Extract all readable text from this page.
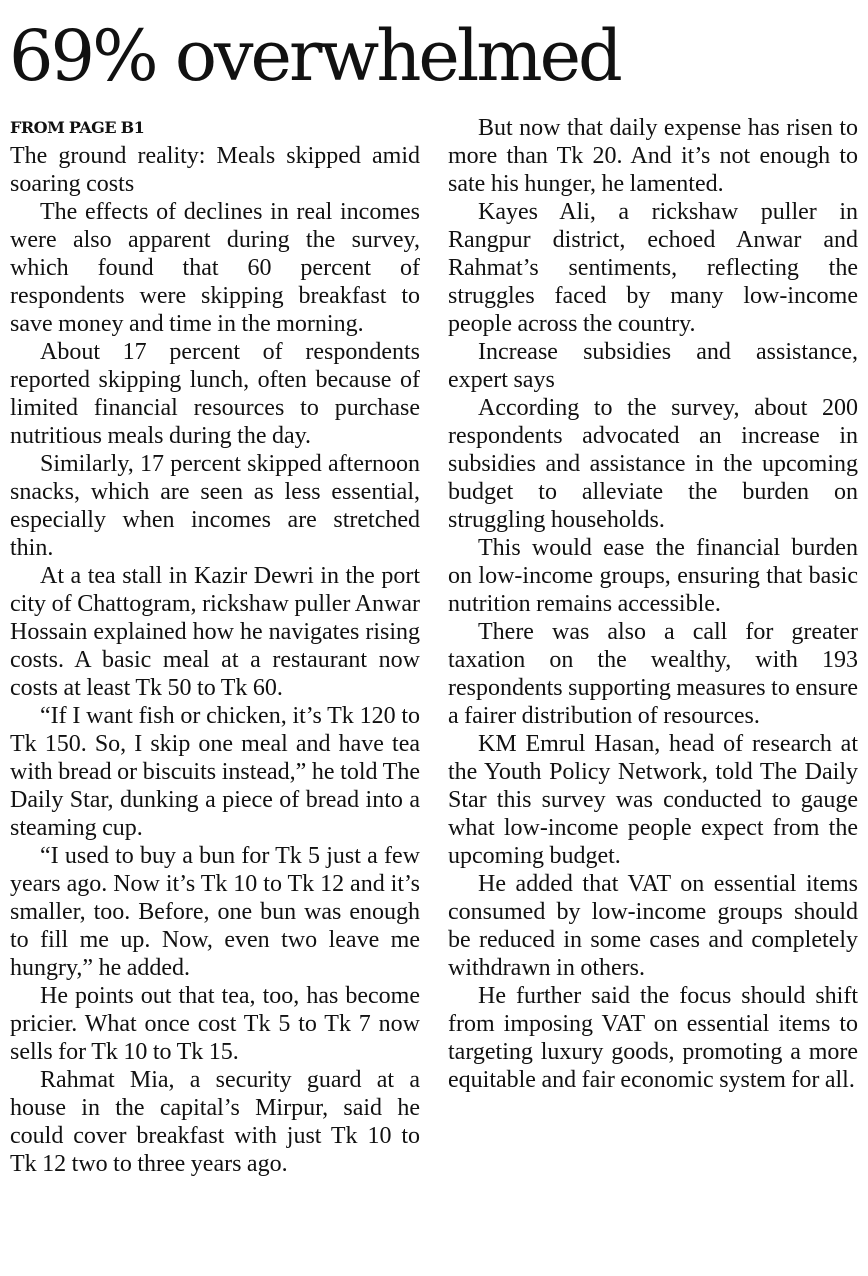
69% overwhelmed
FROM PAGE B1

The ground reality: Meals skipped amid soaring costs

The effects of declines in real incomes were also apparent during the survey, which found that 60 percent of respondents were skipping breakfast to save money and time in the morning.

About 17 percent of respondents reported skipping lunch, often because of limited financial resources to purchase nutritious meals during the day.

Similarly, 17 percent skipped afternoon snacks, which are seen as less essential, especially when incomes are stretched thin.

At a tea stall in Kazir Dewri in the port city of Chattogram, rickshaw puller Anwar Hossain explained how he navigates rising costs. A basic meal at a restaurant now costs at least Tk 50 to Tk 60.

“If I want fish or chicken, it’s Tk 120 to Tk 150. So, I skip one meal and have tea with bread or biscuits instead,” he told The Daily Star, dunking a piece of bread into a steaming cup.

“I used to buy a bun for Tk 5 just a few years ago. Now it’s Tk 10 to Tk 12 and it’s smaller, too. Before, one bun was enough to fill me up. Now, even two leave me hungry,” he added.

He points out that tea, too, has become pricier. What once cost Tk 5 to Tk 7 now sells for Tk 10 to Tk 15.

Rahmat Mia, a security guard at a house in the capital’s Mirpur, said he could cover breakfast with just Tk 10 to Tk 12 two to three years ago.

But now that daily expense has risen to more than Tk 20. And it’s not enough to sate his hunger, he lamented.

Kayes Ali, a rickshaw puller in Rangpur district, echoed Anwar and Rahmat’s sentiments, reflecting the struggles faced by many low-income people across the country.

Increase subsidies and assistance, expert says

According to the survey, about 200 respondents advocated an increase in subsidies and assistance in the upcoming budget to alleviate the burden on struggling households.

This would ease the financial burden on low-income groups, ensuring that basic nutrition remains accessible.

There was also a call for greater taxation on the wealthy, with 193 respondents supporting measures to ensure a fairer distribution of resources.

KM Emrul Hasan, head of research at the Youth Policy Network, told The Daily Star this survey was conducted to gauge what low-income people expect from the upcoming budget.

He added that VAT on essential items consumed by low-income groups should be reduced in some cases and completely withdrawn in others.

He further said the focus should shift from imposing VAT on essential items to targeting luxury goods, promoting a more equitable and fair economic system for all.
